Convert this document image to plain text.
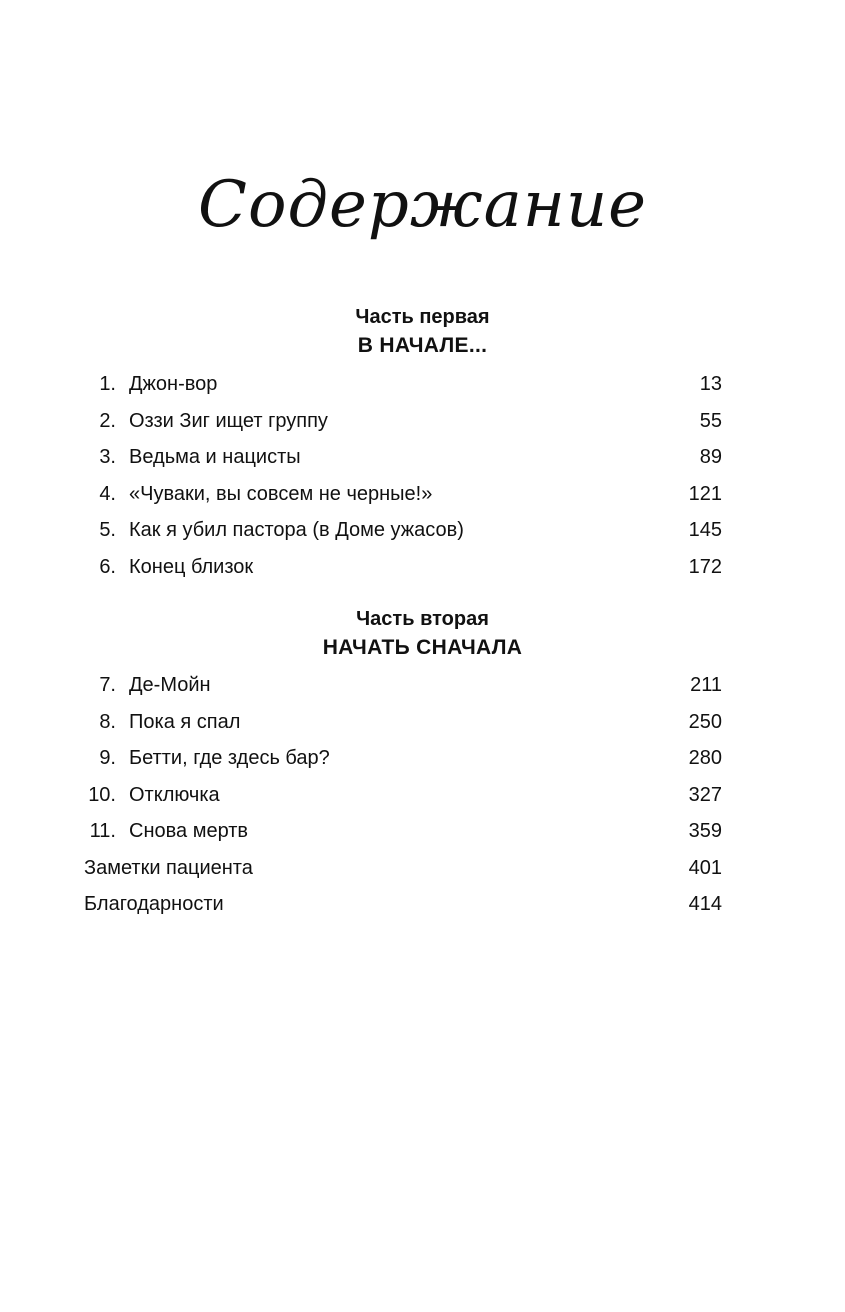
Содержание
Часть первая
В НАЧАЛЕ...
1. Джон-вор	13
2. Оззи Зиг ищет группу	55
3. Ведьма и нацисты	89
4. «Чуваки, вы совсем не черные!»	121
5. Как я убил пастора (в Доме ужасов)	145
6. Конец близок	172
Часть вторая
НАЧАТЬ СНАЧАЛА
7. Де-Мойн	211
8. Пока я спал	250
9. Бетти, где здесь бар?	280
10. Отключка	327
11. Снова мертв	359
Заметки пациента	401
Благодарности	414
